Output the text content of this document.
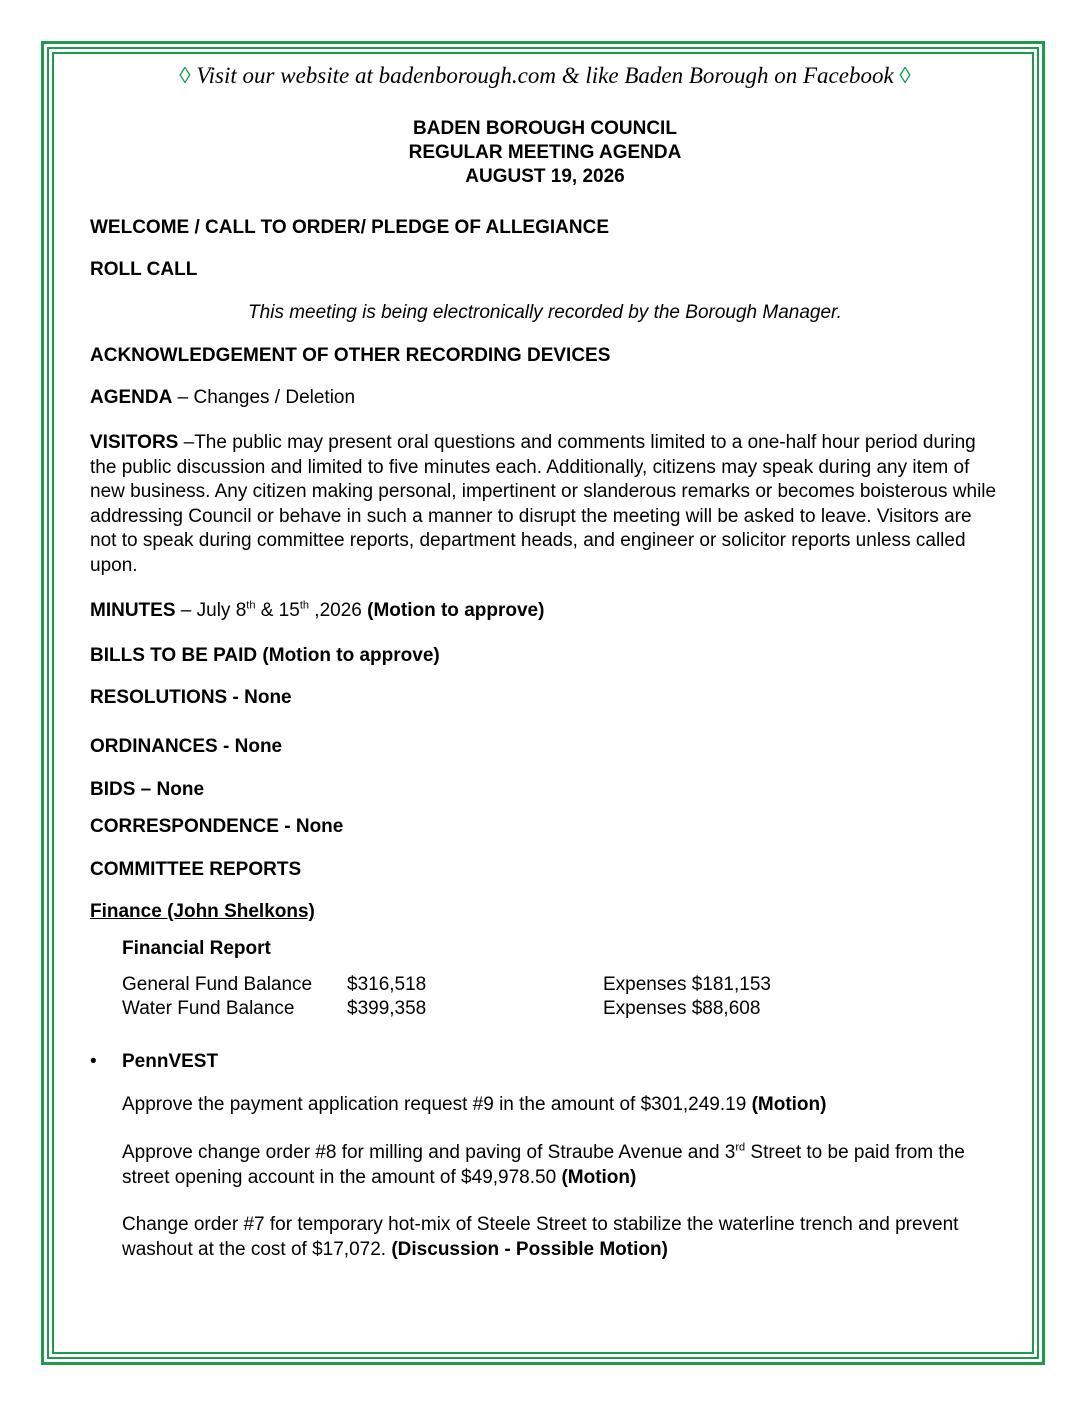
◊ Visit our website at badenborough.com & like Baden Borough on Facebook ◊
BADEN BOROUGH COUNCIL
REGULAR MEETING AGENDA
AUGUST 19, 2026
WELCOME / CALL TO ORDER/ PLEDGE OF ALLEGIANCE
ROLL CALL
This meeting is being electronically recorded by the Borough Manager.
ACKNOWLEDGEMENT OF OTHER RECORDING DEVICES
AGENDA – Changes / Deletion
VISITORS –The public may present oral questions and comments limited to a one-half hour period during the public discussion and limited to five minutes each. Additionally, citizens may speak during any item of new business. Any citizen making personal, impertinent or slanderous remarks or becomes boisterous while addressing Council or behave in such a manner to disrupt the meeting will be asked to leave. Visitors are not to speak during committee reports, department heads, and engineer or solicitor reports unless called upon.
MINUTES – July 8th & 15th ,2026 (Motion to approve)
BILLS TO BE PAID (Motion to approve)
RESOLUTIONS - None
ORDINANCES - None
BIDS – None
CORRESPONDENCE - None
COMMITTEE REPORTS
Finance (John Shelkons)
Financial Report
General Fund Balance $316,518	Expenses $181,153
Water Fund Balance	$399,358	Expenses $88,608
• PennVEST
Approve the payment application request #9 in the amount of $301,249.19 (Motion)
Approve change order #8 for milling and paving of Straube Avenue and 3rd Street to be paid from the street opening account in the amount of $49,978.50 (Motion)
Change order #7 for temporary hot-mix of Steele Street to stabilize the waterline trench and prevent washout at the cost of $17,072. (Discussion - Possible Motion)
